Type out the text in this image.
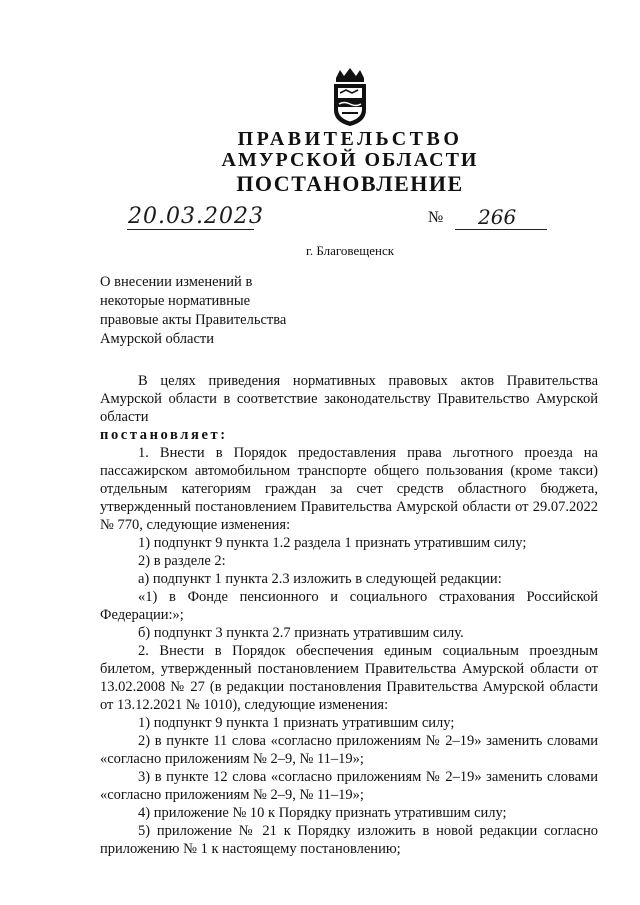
ПРАВИТЕЛЬСТВО
АМУРСКОЙ ОБЛАСТИ
ПОСТАНОВЛЕНИЕ
20.03.2023	№ 266
г. Благовещенск
О внесении изменений в
некоторые нормативные
правовые акты Правительства
Амурской области

В целях приведения нормативных правовых актов Правительства Амурской области в соответствие законодательству Правительство Амурской области

постановляет:

1. Внести в Порядок предоставления права льготного проезда на пассажирском автомобильном транспорте общего пользования (кроме такси) отдельным категориям граждан за счет средств областного бюджета, утвержденный постановлением Правительства Амурской области от 29.07.2022 № 770, следующие изменения:

1) подпункт 9 пункта 1.2 раздела 1 признать утратившим силу;

2) в разделе 2:

а) подпункт 1 пункта 2.3 изложить в следующей редакции:

«1) в Фонде пенсионного и социального страхования Российской Федерации:»;

б) подпункт 3 пункта 2.7 признать утратившим силу.

2. Внести в Порядок обеспечения единым социальным проездным билетом, утвержденный постановлением Правительства Амурской области от 13.02.2008 № 27 (в редакции постановления Правительства Амурской области от 13.12.2021 № 1010), следующие изменения:

1) подпункт 9 пункта 1 признать утратившим силу;

2) в пункте 11 слова «согласно приложениям № 2–19» заменить словами «согласно приложениям № 2–9, № 11–19»;

3) в пункте 12 слова «согласно приложениям № 2–19» заменить словами «согласно приложениям № 2–9, № 11–19»;

4) приложение № 10 к Порядку признать утратившим силу;

5) приложение № 21 к Порядку изложить в новой редакции согласно приложению № 1 к настоящему постановлению;
